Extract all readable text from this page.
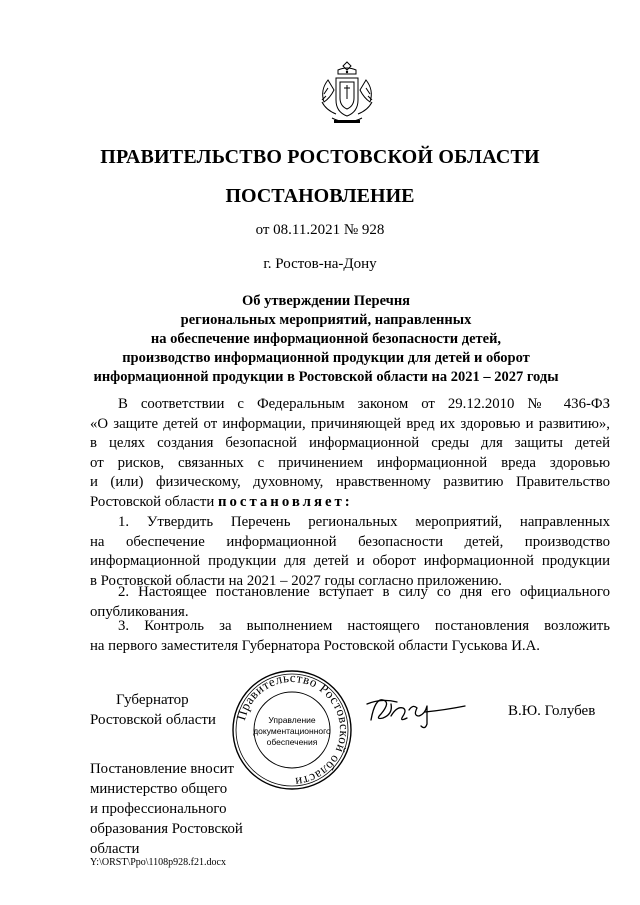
ПРАВИТЕЛЬСТВО РОСТОВСКОЙ ОБЛАСТИ
ПОСТАНОВЛЕНИЕ
от 08.11.2021 № 928
г. Ростов-на-Дону
Об утверждении Перечня
региональных мероприятий, направленных
на обеспечение информационной безопасности детей,
производство информационной продукции для детей и оборот
информационной продукции в Ростовской области на 2021 – 2027 годы
В соответствии с Федеральным законом от 29.12.2010 № 436-ФЗ
«О защите детей от информации, причиняющей вред их здоровью и развитию»,
в целях создания безопасной информационной среды для защиты детей
от рисков, связанных с причинением информационной вреда здоровью
и (или) физическому, духовному, нравственному развитию Правительство
Ростовской области постановляет:
1. Утвердить Перечень региональных мероприятий, направленных
на обеспечение информационной безопасности детей, производство
информационной продукции для детей и оборот информационной продукции
в Ростовской области на 2021 – 2027 годы согласно приложению.
2. Настоящее постановление вступает в силу со дня его официального
опубликования.
3. Контроль за выполнением настоящего постановления возложить
на первого заместителя Губернатора Ростовской области Гуськова И.А.
Губернатор
Ростовской области Правительство Ростовской области
Управление
документационного
обеспечения
В.Ю. Голубев
Постановление вносит
министерство общего
и профессионального
образования Ростовской
области
Y:\ORST\Ppo\1108p928.f21.docx
